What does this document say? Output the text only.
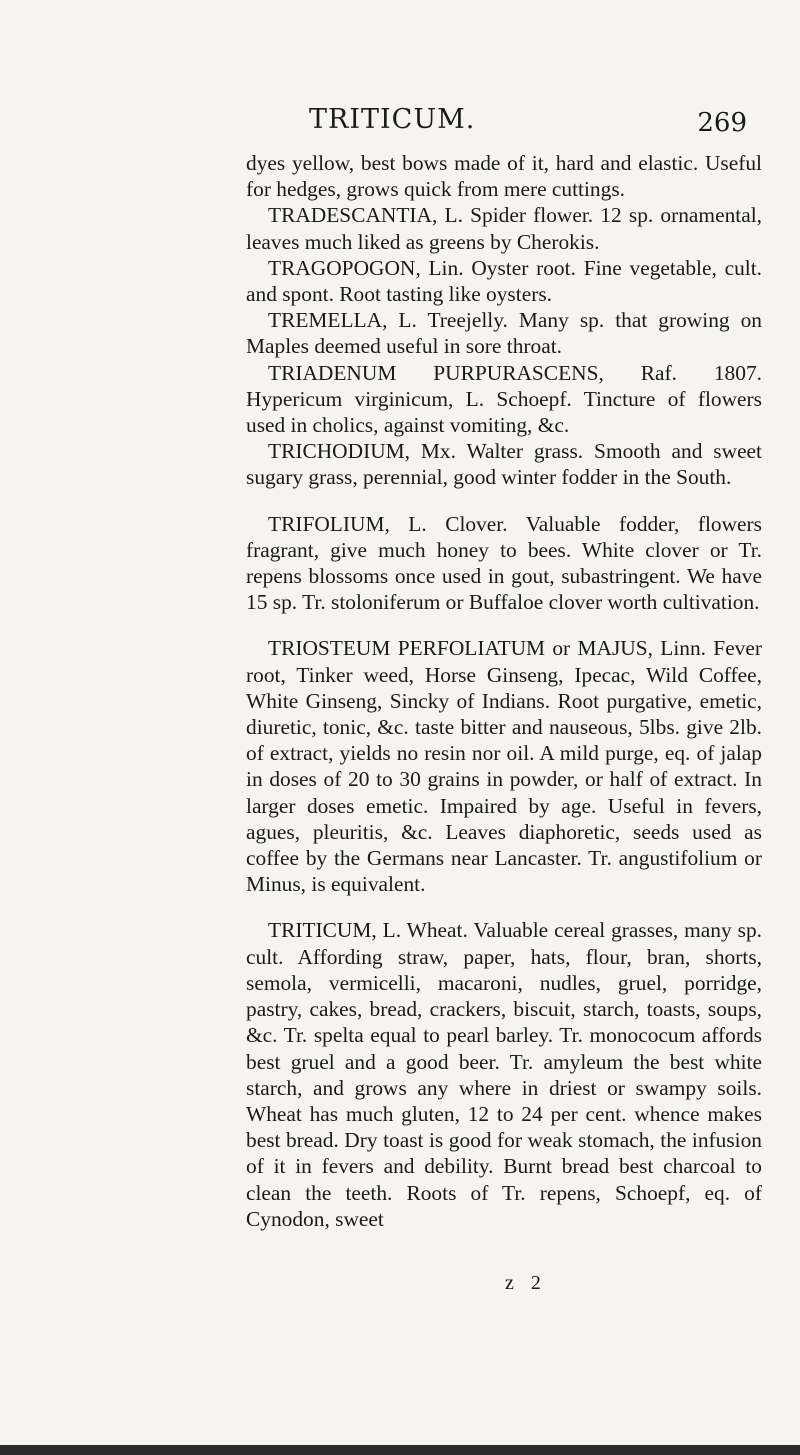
TRITICUM.	269

dyes yellow, best bows made of it, hard and elastic. Useful for hedges, grows quick from mere cuttings.

TRADESCANTIA, L. Spider flower. 12 sp. ornamental, leaves much liked as greens by Cherokis.

TRAGOPOGON, Lin. Oyster root. Fine vegetable, cult. and spont. Root tasting like oysters.

TREMELLA, L. Treejelly. Many sp. that growing on Maples deemed useful in sore throat.

TRIADENUM PURPURASCENS, Raf. 1807. Hypericum virginicum, L. Schoepf. Tincture of flowers used in cholics, against vomiting, &c.

TRICHODIUM, Mx. Walter grass. Smooth and sweet sugary grass, perennial, good winter fodder in the South.

TRIFOLIUM, L. Clover. Valuable fodder, flowers fragrant, give much honey to bees. White clover or Tr. repens blossoms once used in gout, subastringent. We have 15 sp. Tr. stoloniferum or Buffaloe clover worth cultivation.

TRIOSTEUM PERFOLIATUM or MAJUS, Linn. Fever root, Tinker weed, Horse Ginseng, Ipecac, Wild Coffee, White Ginseng, Sincky of Indians. Root purgative, emetic, diuretic, tonic, &c. taste bitter and nauseous, 5lbs. give 2lb. of extract, yields no resin nor oil. A mild purge, eq. of jalap in doses of 20 to 30 grains in powder, or half of extract. In larger doses emetic. Impaired by age. Useful in fevers, agues, pleuritis, &c. Leaves diaphoretic, seeds used as coffee by the Germans near Lancaster. Tr. angustifolium or Minus, is equivalent.

TRITICUM, L. Wheat. Valuable cereal grasses, many sp. cult. Affording straw, paper, hats, flour, bran, shorts, semola, vermicelli, macaroni, nudles, gruel, porridge, pastry, cakes, bread, crackers, biscuit, starch, toasts, soups, &c. Tr. spelta equal to pearl barley. Tr. monococum affords best gruel and a good beer. Tr. amyleum the best white starch, and grows any where in driest or swampy soils. Wheat has much gluten, 12 to 24 per cent. whence makes best bread. Dry toast is good for weak stomach, the infusion of it in fevers and debility. Burnt bread best charcoal to clean the teeth. Roots of Tr. repens, Schoepf, eq. of Cynodon, sweet

z 2
